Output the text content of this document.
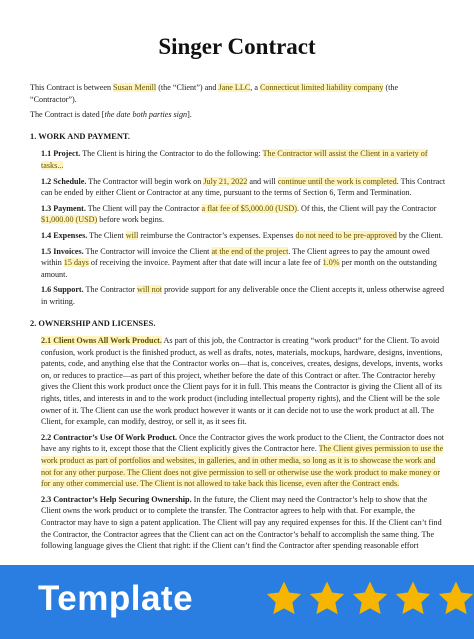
Singer Contract

This Contract is between Susan Menill (the “Client”) and Jane LLC, a Connecticut limited liability company (the “Contractor”).

The Contract is dated [the date both parties sign].

1. WORK AND PAYMENT.

1.1 Project. The Client is hiring the Contractor to do the following: The Contractor will assist the Client in a variety of tasks...

1.2 Schedule. The Contractor will begin work on July 21, 2022 and will continue until the work is completed. This Contract can be ended by either Client or Contractor at any time, pursuant to the terms of Section 6, Term and Termination.

1.3 Payment. The Client will pay the Contractor a flat fee of $5,000.00 (USD). Of this, the Client will pay the Contractor $1,000.00 (USD) before work begins.

1.4 Expenses. The Client will reimburse the Contractor’s expenses. Expenses do not need to be pre-approved by the Client.

1.5 Invoices. The Contractor will invoice the Client at the end of the project. The Client agrees to pay the amount owed within 15 days of receiving the invoice. Payment after that date will incur a late fee of 1.0% per month on the outstanding amount.

1.6 Support. The Contractor will not provide support for any deliverable once the Client accepts it, unless otherwise agreed in writing.

2. OWNERSHIP AND LICENSES.

2.1 Client Owns All Work Product. As part of this job, the Contractor is creating “work product” for the Client. To avoid confusion, work product is the finished product, as well as drafts, notes, materials, mockups, hardware, designs, inventions, patents, code, and anything else that the Contractor works on—that is, conceives, creates, designs, develops, invents, works on, or reduces to practice—as part of this project, whether before the date of this Contract or after. The Contractor hereby gives the Client this work product once the Client pays for it in full. This means the Contractor is giving the Client all of its rights, titles, and interests in and to the work product (including intellectual property rights), and the Client will be the sole owner of it. The Client can use the work product however it wants or it can decide not to use the work product at all. The Client, for example, can modify, destroy, or sell it, as it sees fit.

2.2 Contractor’s Use Of Work Product. Once the Contractor gives the work product to the Client, the Contractor does not have any rights to it, except those that the Client explicitly gives the Contractor here. The Client gives permission to use the work product as part of portfolios and websites, in galleries, and in other media, so long as it is to showcase the work and not for any other purpose. The Client does not give permission to sell or otherwise use the work product to make money or for any other commercial use. The Client is not allowed to take back this license, even after the Contract ends.

2.3 Contractor’s Help Securing Ownership. In the future, the Client may need the Contractor’s help to show that the Client owns the work product or to complete the transfer. The Contractor agrees to help with that. For example, the Contractor may have to sign a patent application. The Client will pay any required expenses for this. If the Client can’t find the Contractor, the Contractor agrees that the Client can act on the Contractor’s behalf to accomplish the same thing. The following language gives the Client that right: if the Client can’t find the Contractor after spending reasonable effort

Template
